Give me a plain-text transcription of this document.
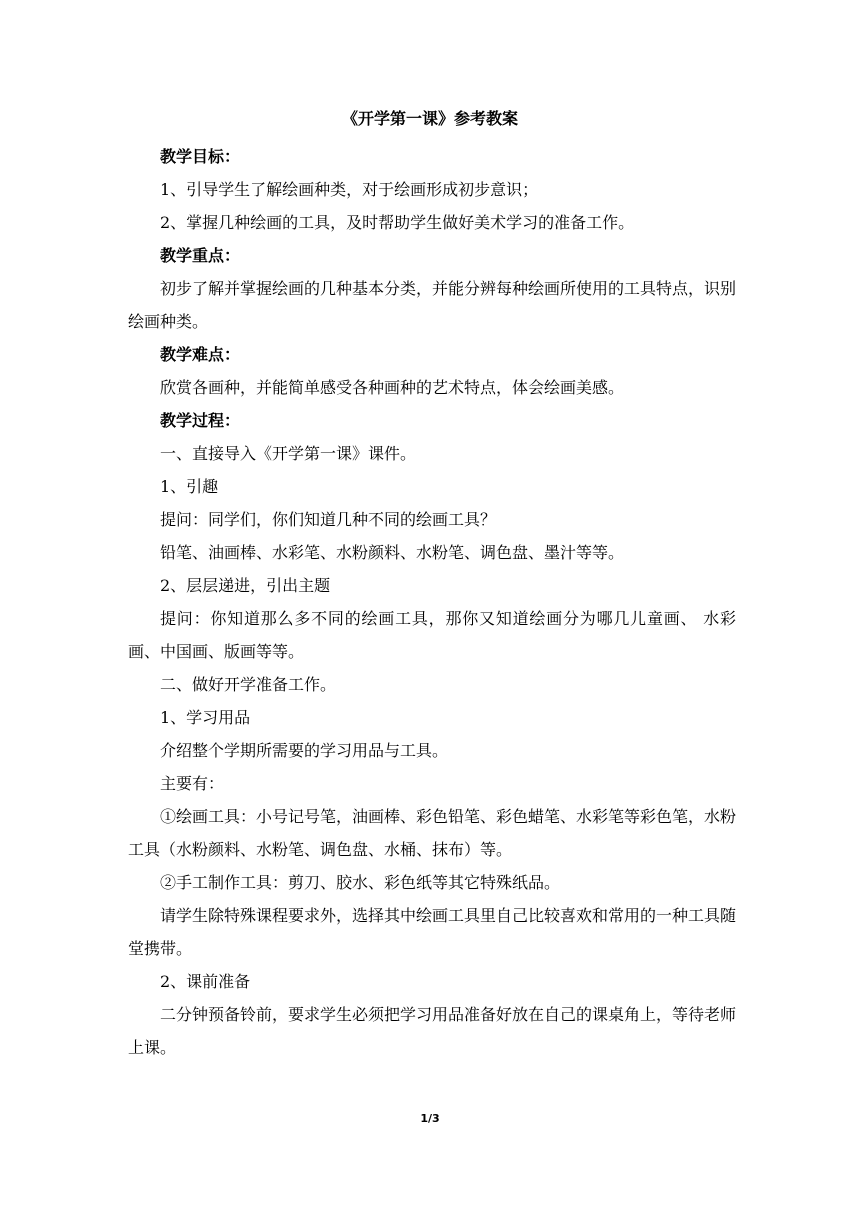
《开学第一课》参考教案

教学目标：

1、引导学生了解绘画种类，对于绘画形成初步意识；

2、掌握几种绘画的工具，及时帮助学生做好美术学习的准备工作。

教学重点：

初步了解并掌握绘画的几种基本分类，并能分辨每种绘画所使用的工具特点，识别绘画种类。

教学难点：

欣赏各画种，并能简单感受各种画种的艺术特点，体会绘画美感。

教学过程：

一、直接导入《开学第一课》课件。

1、引趣

提问：同学们，你们知道几种不同的绘画工具？

铅笔、油画棒、水彩笔、水粉颜料、水粉笔、调色盘、墨汁等等。

2、层层递进，引出主题

提问：你知道那么多不同的绘画工具，那你又知道绘画分为哪几儿童画、 水彩画、中国画、版画等等。

二、做好开学准备工作。

1、学习用品

介绍整个学期所需要的学习用品与工具。

主要有：

①绘画工具：小号记号笔，油画棒、彩色铅笔、彩色蜡笔、水彩笔等彩色笔，水粉工具（水粉颜料、水粉笔、调色盘、水桶、抹布）等。

②手工制作工具：剪刀、胶水、彩色纸等其它特殊纸品。

请学生除特殊课程要求外，选择其中绘画工具里自己比较喜欢和常用的一种工具随堂携带。

2、课前准备

二分钟预备铃前，要求学生必须把学习用品准备好放在自己的课桌角上，等待老师上课。

1/3
